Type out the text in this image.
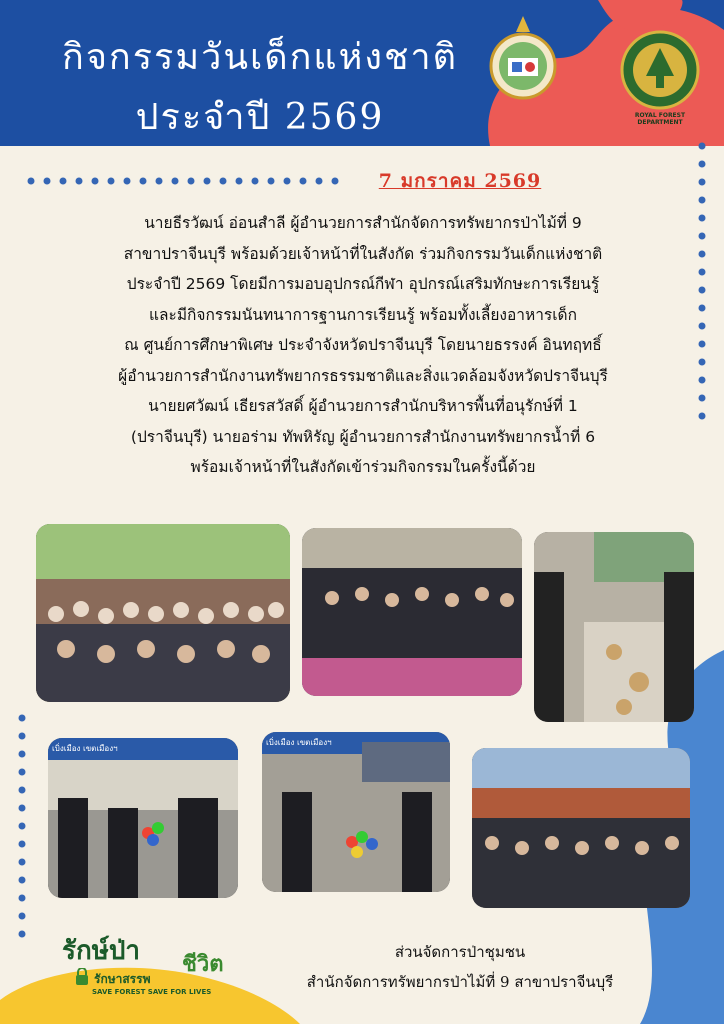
กิจกรรมวันเด็กแห่งชาติ
ประจำปี 2569	ROYAL FOREST DEPARTMENT
7 มกราคม 2569
นายธีรวัฒน์ อ่อนสำลี ผู้อำนวยการสำนักจัดการทรัพยากรป่าไม้ที่ 9
สาขาปราจีนบุรี พร้อมด้วยเจ้าหน้าที่ในสังกัด ร่วมกิจกรรมวันเด็กแห่งชาติ
ประจำปี 2569 โดยมีการมอบอุปกรณ์กีฬา อุปกรณ์เสริมทักษะการเรียนรู้
และมีกิจกรรมนันทนาการฐานการเรียนรู้ พร้อมทั้งเลี้ยงอาหารเด็ก
ณ ศูนย์การศึกษาพิเศษ ประจำจังหวัดปราจีนบุรี โดยนายธรรงค์ อินทฤทธิ์
ผู้อำนวยการสำนักงานทรัพยากรธรรมชาติและสิ่งแวดล้อมจังหวัดปราจีนบุรี
นายยศวัฒน์ เธียรสวัสดิ์ ผู้อำนวยการสำนักบริหารพื้นที่อนุรักษ์ที่ 1
(ปราจีนบุรี) นายอร่าม ทัพหิรัญ ผู้อำนวยการสำนักงานทรัพยากรน้ำที่ 6
พร้อมเจ้าหน้าที่ในสังกัดเข้าร่วมกิจกรรมในครั้งนี้ด้วย
เบิ่งเมือง เขตเมืองฯ
เบิ่งเมือง เขตเมืองฯ
รักษ์ป่า ชีวิต
รักษาสรรพ
SAVE FOREST SAVE FOR LIVES
ส่วนจัดการป่าชุมชน
สำนักจัดการทรัพยากรป่าไม้ที่ 9 สาขาปราจีนบุรี
